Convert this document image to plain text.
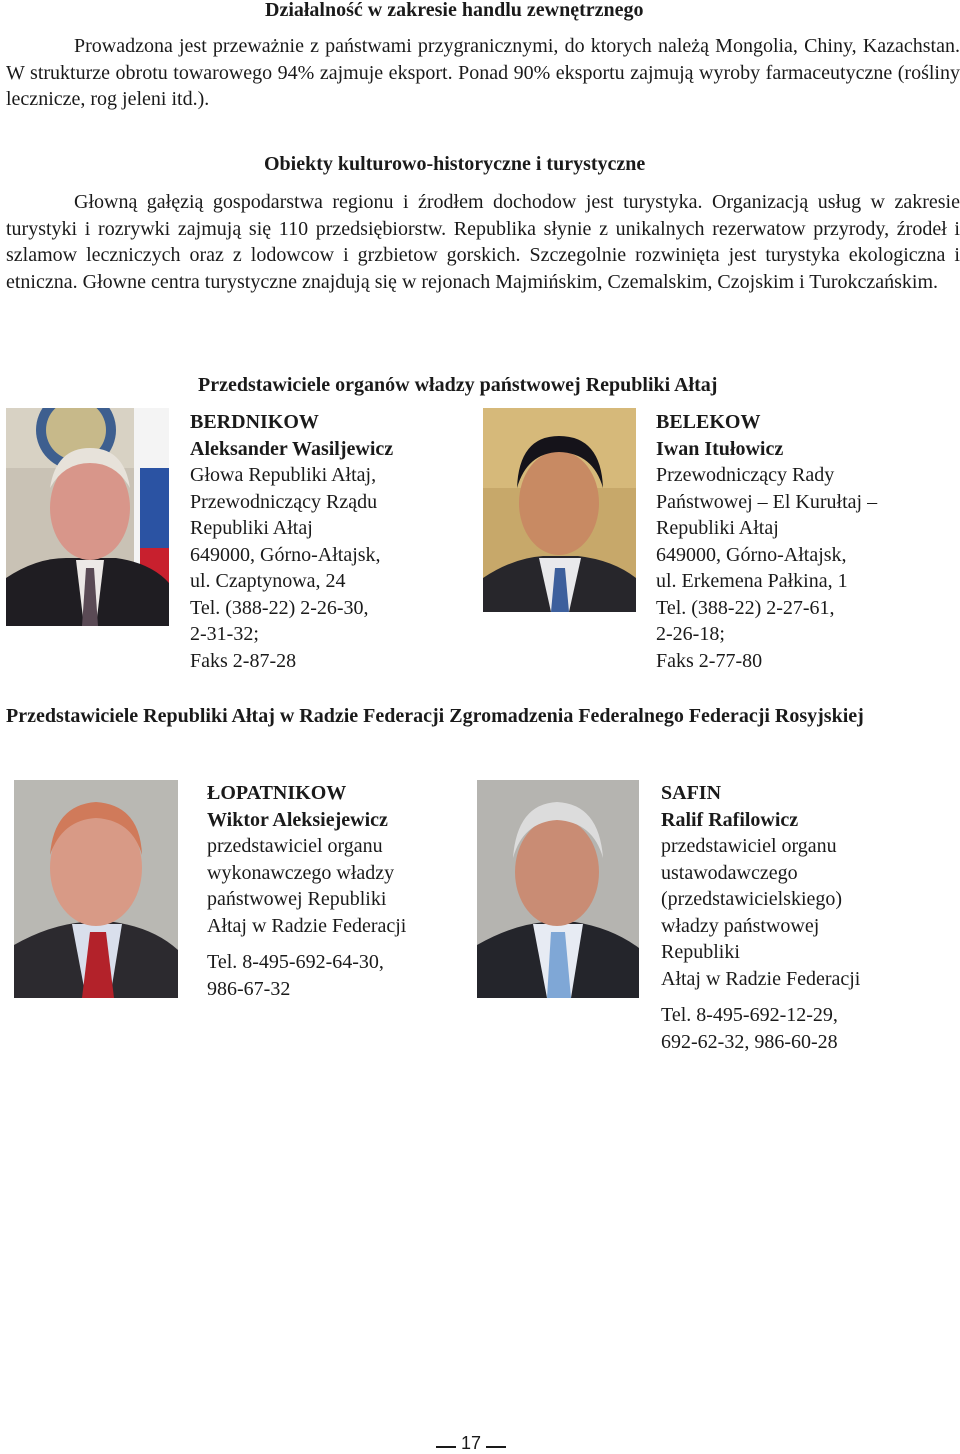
Działalność w zakresie handlu zewnętrznego
Prowadzona jest przeważnie z państwami przygranicznymi, do ktorych należą Mongolia, Chiny, Kazachstan. W strukturze obrotu towarowego 94% zajmuje eksport. Ponad 90% eksportu zajmują wyroby farmaceutyczne (rośliny lecznicze, rog jeleni itd.).
Obiekty kulturowo-historyczne i turystyczne
Głowną gałęzią gospodarstwa regionu i źrodłem dochodow jest turystyka. Organizacją usług w zakresie turystyki i rozrywki zajmują się 110 przedsiębiorstw. Republika słynie z unikalnych rezerwatow przyrody, źrodeł i szlamow leczniczych oraz z lodowcow i grzbietow gorskich. Szczegolnie rozwinięta jest turystyka ekologiczna i etniczna. Głowne centra turystyczne znajdują się w rejonach Majmińskim, Czemalskim, Czojskim i Turokczańskim.
Przedstawiciele organów władzy państwowej Republiki Ałtaj
BERDNIKOW
Aleksander Wasiljewicz
Głowa Republiki Ałtaj,
Przewodniczący Rządu
Republiki Ałtaj
649000, Górno-Ałtajsk,
ul. Czaptynowa, 24
Tel. (388-22) 2-26-30,
2-31-32;
Faks 2-87-28
BELEKOW
Iwan Itułowicz
Przewodniczący Rady
Państwowej – El Kurułtaj –
Republiki Ałtaj
649000, Górno-Ałtajsk,
ul. Erkemena Pałkina, 1
Tel. (388-22) 2-27-61,
2-26-18;
Faks 2-77-80
Przedstawiciele Republiki Ałtaj w Radzie Federacji Zgromadzenia Federalnego Federacji Rosyjskiej
ŁOPATNIKOW
Wiktor Aleksiejewicz
przedstawiciel organu
wykonawczego władzy
państwowej Republiki
Ałtaj w Radzie Federacji
Tel. 8-495-692-64-30,
986-67-32
SAFIN
Ralif Rafilowicz
przedstawiciel organu
ustawodawczego
(przedstawicielskiego)
władzy państwowej
Republiki
Ałtaj w Radzie Federacji
Tel. 8-495-692-12-29,
692-62-32, 986-60-28
17
